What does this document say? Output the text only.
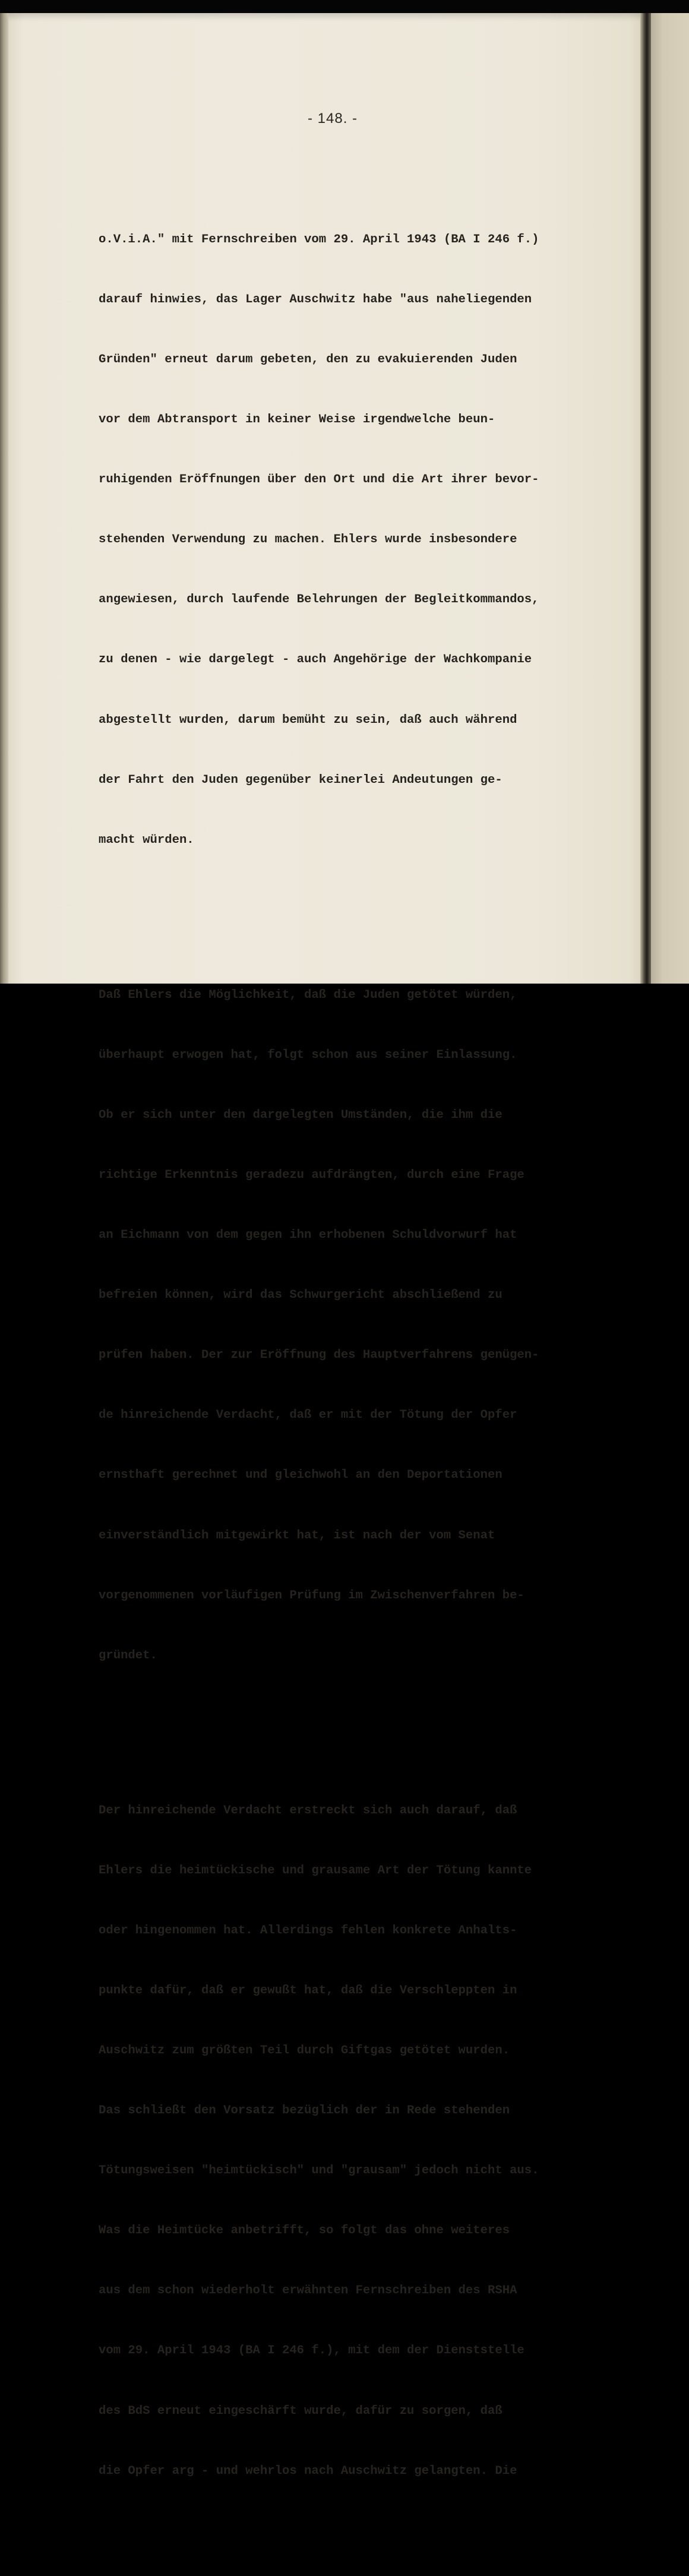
- 148. -

o.V.i.A." mit Fernschreiben vom 29. April 1943 (BA I 246 f.)

darauf hinwies, das Lager Auschwitz habe "aus naheliegenden

Gründen" erneut darum gebeten, den zu evakuierenden Juden

vor dem Abtransport in keiner Weise irgendwelche beun-

ruhigenden Eröffnungen über den Ort und die Art ihrer bevor-

stehenden Verwendung zu machen. Ehlers wurde insbesondere

angewiesen, durch laufende Belehrungen der Begleitkommandos,

zu denen - wie dargelegt - auch Angehörige der Wachkompanie

abgestellt wurden, darum bemüht zu sein, daß auch während

der Fahrt den Juden gegenüber keinerlei Andeutungen ge-

macht würden.

Daß Ehlers die Möglichkeit, daß die Juden getötet würden,

überhaupt erwogen hat, folgt schon aus seiner Einlassung.

Ob er sich unter den dargelegten Umständen, die ihm die

richtige Erkenntnis geradezu aufdrängten, durch eine Frage

an Eichmann von dem gegen ihn erhobenen Schuldvorwurf hat

befreien können, wird das Schwurgericht abschließend zu

prüfen haben. Der zur Eröffnung des Hauptverfahrens genügen-

de hinreichende Verdacht, daß er mit der Tötung der Opfer

ernsthaft gerechnet und gleichwohl an den Deportationen

einverständlich mitgewirkt hat, ist nach der vom Senat

vorgenommenen vorläufigen Prüfung im Zwischenverfahren be-

gründet.

Der hinreichende Verdacht erstreckt sich auch darauf, daß

Ehlers die heimtückische und grausame Art der Tötung kannte

oder hingenommen hat. Allerdings fehlen konkrete Anhalts-

punkte dafür, daß er gewußt hat, daß die Verschleppten in

Auschwitz zum größten Teil durch Giftgas getötet wurden.

Das schließt den Vorsatz bezüglich der in Rede stehenden

Tötungsweisen "heimtückisch" und "grausam" jedoch nicht aus.

Was die Heimtücke anbetrifft, so folgt das ohne weiteres

aus dem schon wiederholt erwähnten Fernschreiben des RSHA

vom 29. April 1943 (BA I 246 f.), mit dem der Dienststelle

des BdS erneut eingeschärft wurde, dafür zu sorgen, daß

die Opfer arg - und wehrlos nach Auschwitz gelangten. Die
